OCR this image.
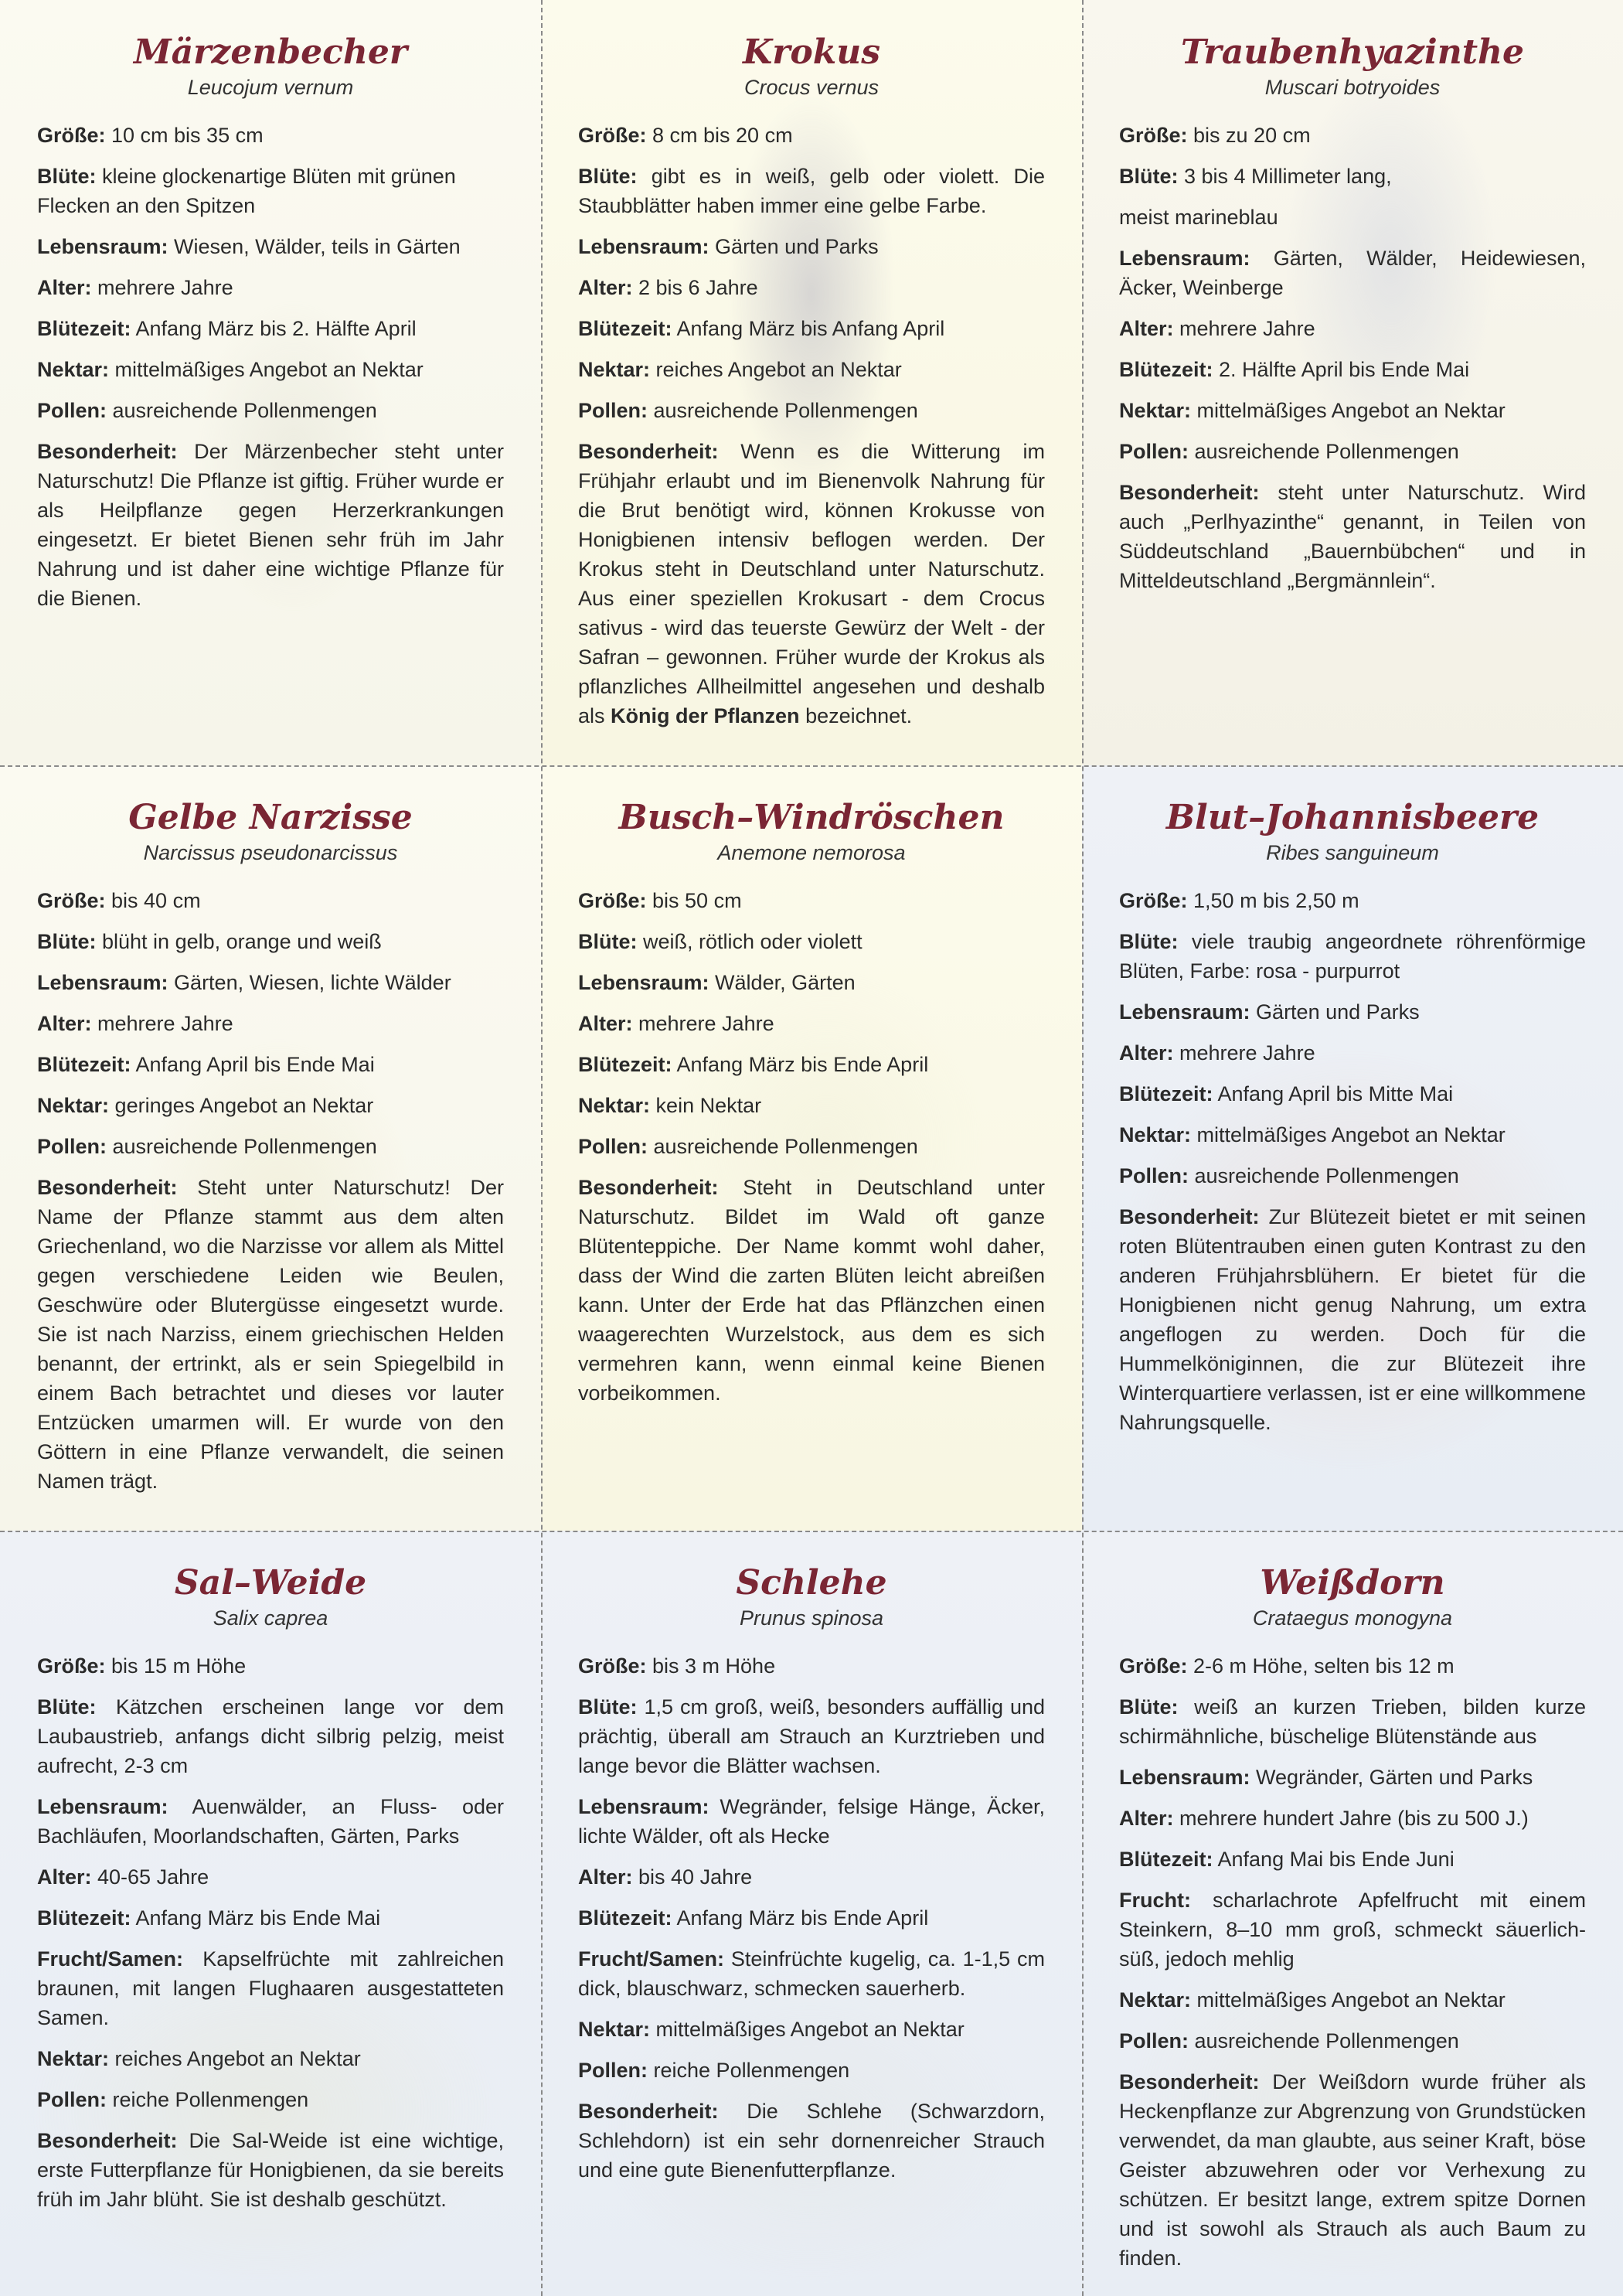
Märzenbecher
Leucojum vernum

Größe: 10 cm bis 35 cm

Blüte: kleine glockenartige Blüten mit grünen Flecken an den Spitzen

Lebensraum: Wiesen, Wälder, teils in Gärten

Alter: mehrere Jahre

Blütezeit: Anfang März bis 2. Hälfte April

Nektar: mittelmäßiges Angebot an Nektar

Pollen: ausreichende Pollenmengen

Besonderheit: Der Märzenbecher steht unter Naturschutz! Die Pflanze ist giftig. Früher wurde er als Heilpflanze gegen Herzerkrankungen eingesetzt. Er bietet Bienen sehr früh im Jahr Nahrung und ist daher eine wichtige Pflanze für die Bienen.

Krokus
Crocus vernus

Größe: 8 cm bis 20 cm

Blüte: gibt es in weiß, gelb oder violett. Die Staubblätter haben immer eine gelbe Farbe.

Lebensraum: Gärten und Parks

Alter: 2 bis 6 Jahre

Blütezeit: Anfang März bis Anfang April

Nektar: reiches Angebot an Nektar

Pollen: ausreichende Pollenmengen

Besonderheit: Wenn es die Witterung im Frühjahr erlaubt und im Bienenvolk Nahrung für die Brut benötigt wird, können Krokusse von Honigbienen intensiv beflogen werden. Der Krokus steht in Deutschland unter Naturschutz. Aus einer speziellen Krokusart - dem Crocus sativus - wird das teuerste Gewürz der Welt - der Safran – gewonnen. Früher wurde der Krokus als pflanzliches Allheilmittel angesehen und deshalb als König der Pflanzen bezeichnet.

Traubenhyazinthe
Muscari botryoides

Größe: bis zu 20 cm

Blüte: 3 bis 4 Millimeter lang,

meist marineblau

Lebensraum: Gärten, Wälder, Heidewiesen, Äcker, Weinberge

Alter: mehrere Jahre

Blütezeit: 2. Hälfte April bis Ende Mai

Nektar: mittelmäßiges Angebot an Nektar

Pollen: ausreichende Pollenmengen

Besonderheit: steht unter Naturschutz. Wird auch „Perlhyazinthe“ genannt, in Teilen von Süddeutschland „Bauernbübchen“ und in Mitteldeutschland „Bergmännlein“.

Gelbe Narzisse
Narcissus pseudonarcissus

Größe: bis 40 cm

Blüte: blüht in gelb, orange und weiß

Lebensraum: Gärten, Wiesen, lichte Wälder

Alter: mehrere Jahre

Blütezeit: Anfang April bis Ende Mai

Nektar: geringes Angebot an Nektar

Pollen: ausreichende Pollenmengen

Besonderheit: Steht unter Naturschutz! Der Name der Pflanze stammt aus dem alten Griechenland, wo die Narzisse vor allem als Mittel gegen verschiedene Leiden wie Beulen, Geschwüre oder Blutergüsse eingesetzt wurde. Sie ist nach Narziss, einem griechischen Helden benannt, der ertrinkt, als er sein Spiegelbild in einem Bach betrachtet und dieses vor lauter Entzücken umarmen will. Er wurde von den Göttern in eine Pflanze verwandelt, die seinen Namen trägt.

Busch–Windröschen
Anemone nemorosa

Größe: bis 50 cm

Blüte: weiß, rötlich oder violett

Lebensraum: Wälder, Gärten

Alter: mehrere Jahre

Blütezeit: Anfang März bis Ende April

Nektar: kein Nektar

Pollen: ausreichende Pollenmengen

Besonderheit: Steht in Deutschland unter Naturschutz. Bildet im Wald oft ganze Blütenteppiche. Der Name kommt wohl daher, dass der Wind die zarten Blüten leicht abreißen kann. Unter der Erde hat das Pflänzchen einen waagerechten Wurzelstock, aus dem es sich vermehren kann, wenn einmal keine Bienen vorbeikommen.

Blut–Johannisbeere
Ribes sanguineum

Größe: 1,50 m bis 2,50 m

Blüte: viele traubig angeordnete röhrenförmige Blüten, Farbe: rosa - purpurrot

Lebensraum: Gärten und Parks

Alter: mehrere Jahre

Blütezeit: Anfang April bis Mitte Mai

Nektar: mittelmäßiges Angebot an Nektar

Pollen: ausreichende Pollenmengen

Besonderheit: Zur Blütezeit bietet er mit seinen roten Blütentrauben einen guten Kontrast zu den anderen Frühjahrsblühern. Er bietet für die Honigbienen nicht genug Nahrung, um extra angeflogen zu werden. Doch für die Hummelköniginnen, die zur Blütezeit ihre Winterquartiere verlassen, ist er eine willkommene Nahrungsquelle.

Sal–Weide
Salix caprea

Größe: bis 15 m Höhe

Blüte: Kätzchen erscheinen lange vor dem Laubaustrieb, anfangs dicht silbrig pelzig, meist aufrecht, 2-3 cm

Lebensraum: Auenwälder, an Fluss- oder Bachläufen, Moorlandschaften, Gärten, Parks

Alter: 40-65 Jahre

Blütezeit: Anfang März bis Ende Mai

Frucht/Samen: Kapselfrüchte mit zahlreichen braunen, mit langen Flughaaren ausgestatteten Samen.

Nektar: reiches Angebot an Nektar

Pollen: reiche Pollenmengen

Besonderheit: Die Sal-Weide ist eine wichtige, erste Futterpflanze für Honigbienen, da sie bereits früh im Jahr blüht. Sie ist deshalb geschützt.

Schlehe
Prunus spinosa

Größe: bis 3 m Höhe

Blüte: 1,5 cm groß, weiß, besonders auffällig und prächtig, überall am Strauch an Kurztrieben und lange bevor die Blätter wachsen.

Lebensraum: Wegränder, felsige Hänge, Äcker, lichte Wälder, oft als Hecke

Alter: bis 40 Jahre

Blütezeit: Anfang März bis Ende April

Frucht/Samen: Steinfrüchte kugelig, ca. 1-1,5 cm dick, blauschwarz, schmecken sauerherb.

Nektar: mittelmäßiges Angebot an Nektar

Pollen: reiche Pollenmengen

Besonderheit: Die Schlehe (Schwarzdorn, Schlehdorn) ist ein sehr dornenreicher Strauch und eine gute Bienenfutterpflanze.

Weißdorn
Crataegus monogyna

Größe: 2-6 m Höhe, selten bis 12 m

Blüte: weiß an kurzen Trieben, bilden kurze schirmähnliche, büschelige Blütenstände aus

Lebensraum: Wegränder, Gärten und Parks

Alter: mehrere hundert Jahre (bis zu 500 J.)

Blütezeit: Anfang Mai bis Ende Juni

Frucht: scharlachrote Apfelfrucht mit einem Steinkern, 8–10 mm groß, schmeckt säuerlich-süß, jedoch mehlig

Nektar: mittelmäßiges Angebot an Nektar

Pollen: ausreichende Pollenmengen

Besonderheit: Der Weißdorn wurde früher als Heckenpflanze zur Abgrenzung von Grundstücken verwendet, da man glaubte, aus seiner Kraft, böse Geister abzuwehren oder vor Verhexung zu schützen. Er besitzt lange, extrem spitze Dornen und ist sowohl als Strauch als auch Baum zu finden.
